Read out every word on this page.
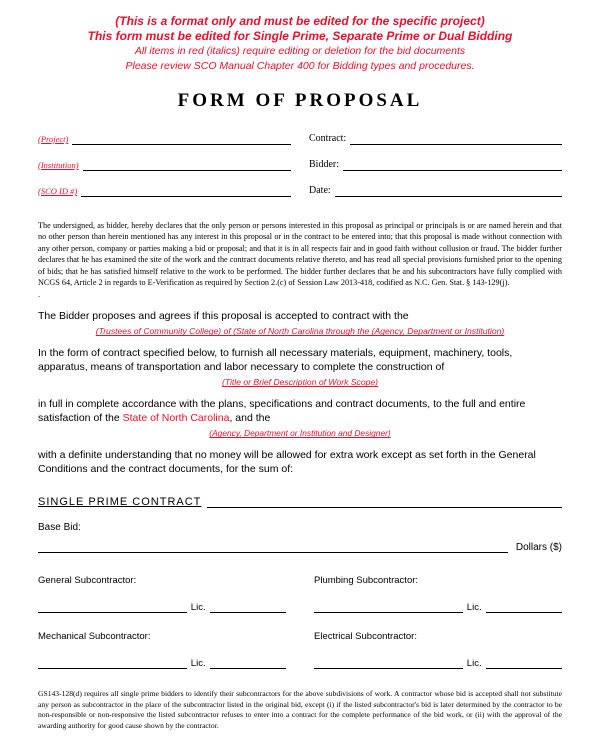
(This is a format only and must be edited for the specific project)
This form must be edited for Single Prime, Separate Prime or Dual Bidding
All items in red (italics) require editing or deletion for the bid documents
Please review SCO Manual Chapter 400 for Bidding types and procedures.
FORM OF PROPOSAL
(Project)
(Institution)
(SCO ID #)
Contract:
Bidder:
Date:
The undersigned, as bidder, hereby declares that the only person or persons interested in this proposal as principal or principals is or are named herein and that no other person than herein mentioned has any interest in this proposal or in the contract to be entered into; that this proposal is made without connection with any other person, company or parties making a bid or proposal; and that it is in all respects fair and in good faith without collusion or fraud. The bidder further declares that he has examined the site of the work and the contract documents relative thereto, and has read all special provisions furnished prior to the opening of bids; that he has satisfied himself relative to the work to be performed. The bidder further declares that he and his subcontractors have fully complied with NCGS 64, Article 2 in regards to E-Verification as required by Section 2.(c) of Session Law 2013-418, codified as N.C. Gen. Stat. § 143-129(j).
.
The Bidder proposes and agrees if this proposal is accepted to contract with the
(Trustees of Community College) of (State of North Carolina through the (Agency, Department or Institution)
In the form of contract specified below, to furnish all necessary materials, equipment, machinery, tools, apparatus, means of transportation and labor necessary to complete the construction of
(Title or Brief Description of Work Scope)
in full in complete accordance with the plans, specifications and contract documents, to the full and entire satisfaction of the State of North Carolina, and the
(Agency, Department or Institution and Designer)
with a definite understanding that no money will be allowed for extra work except as set forth in the General Conditions and the contract documents, for the sum of:
SINGLE PRIME CONTRACT
Base Bid:
Dollars ($)
General Subcontractor:
Lic.
Plumbing Subcontractor:
Lic.
Mechanical Subcontractor:
Lic.
Electrical Subcontractor:
Lic.
GS143-128(d) requires all single prime bidders to identify their subcontractors for the above subdivisions of work. A contractor whose bid is accepted shall not substitute any person as subcontractor in the place of the subcontractor listed in the original bid, except (i) if the listed subcontractor's bid is later determined by the contractor to be non-responsible or non-responsive the listed subcontractor refuses to enter into a contract for the complete performance of the bid work, or (ii) with the approval of the awarding authority for good cause shown by the contractor.
